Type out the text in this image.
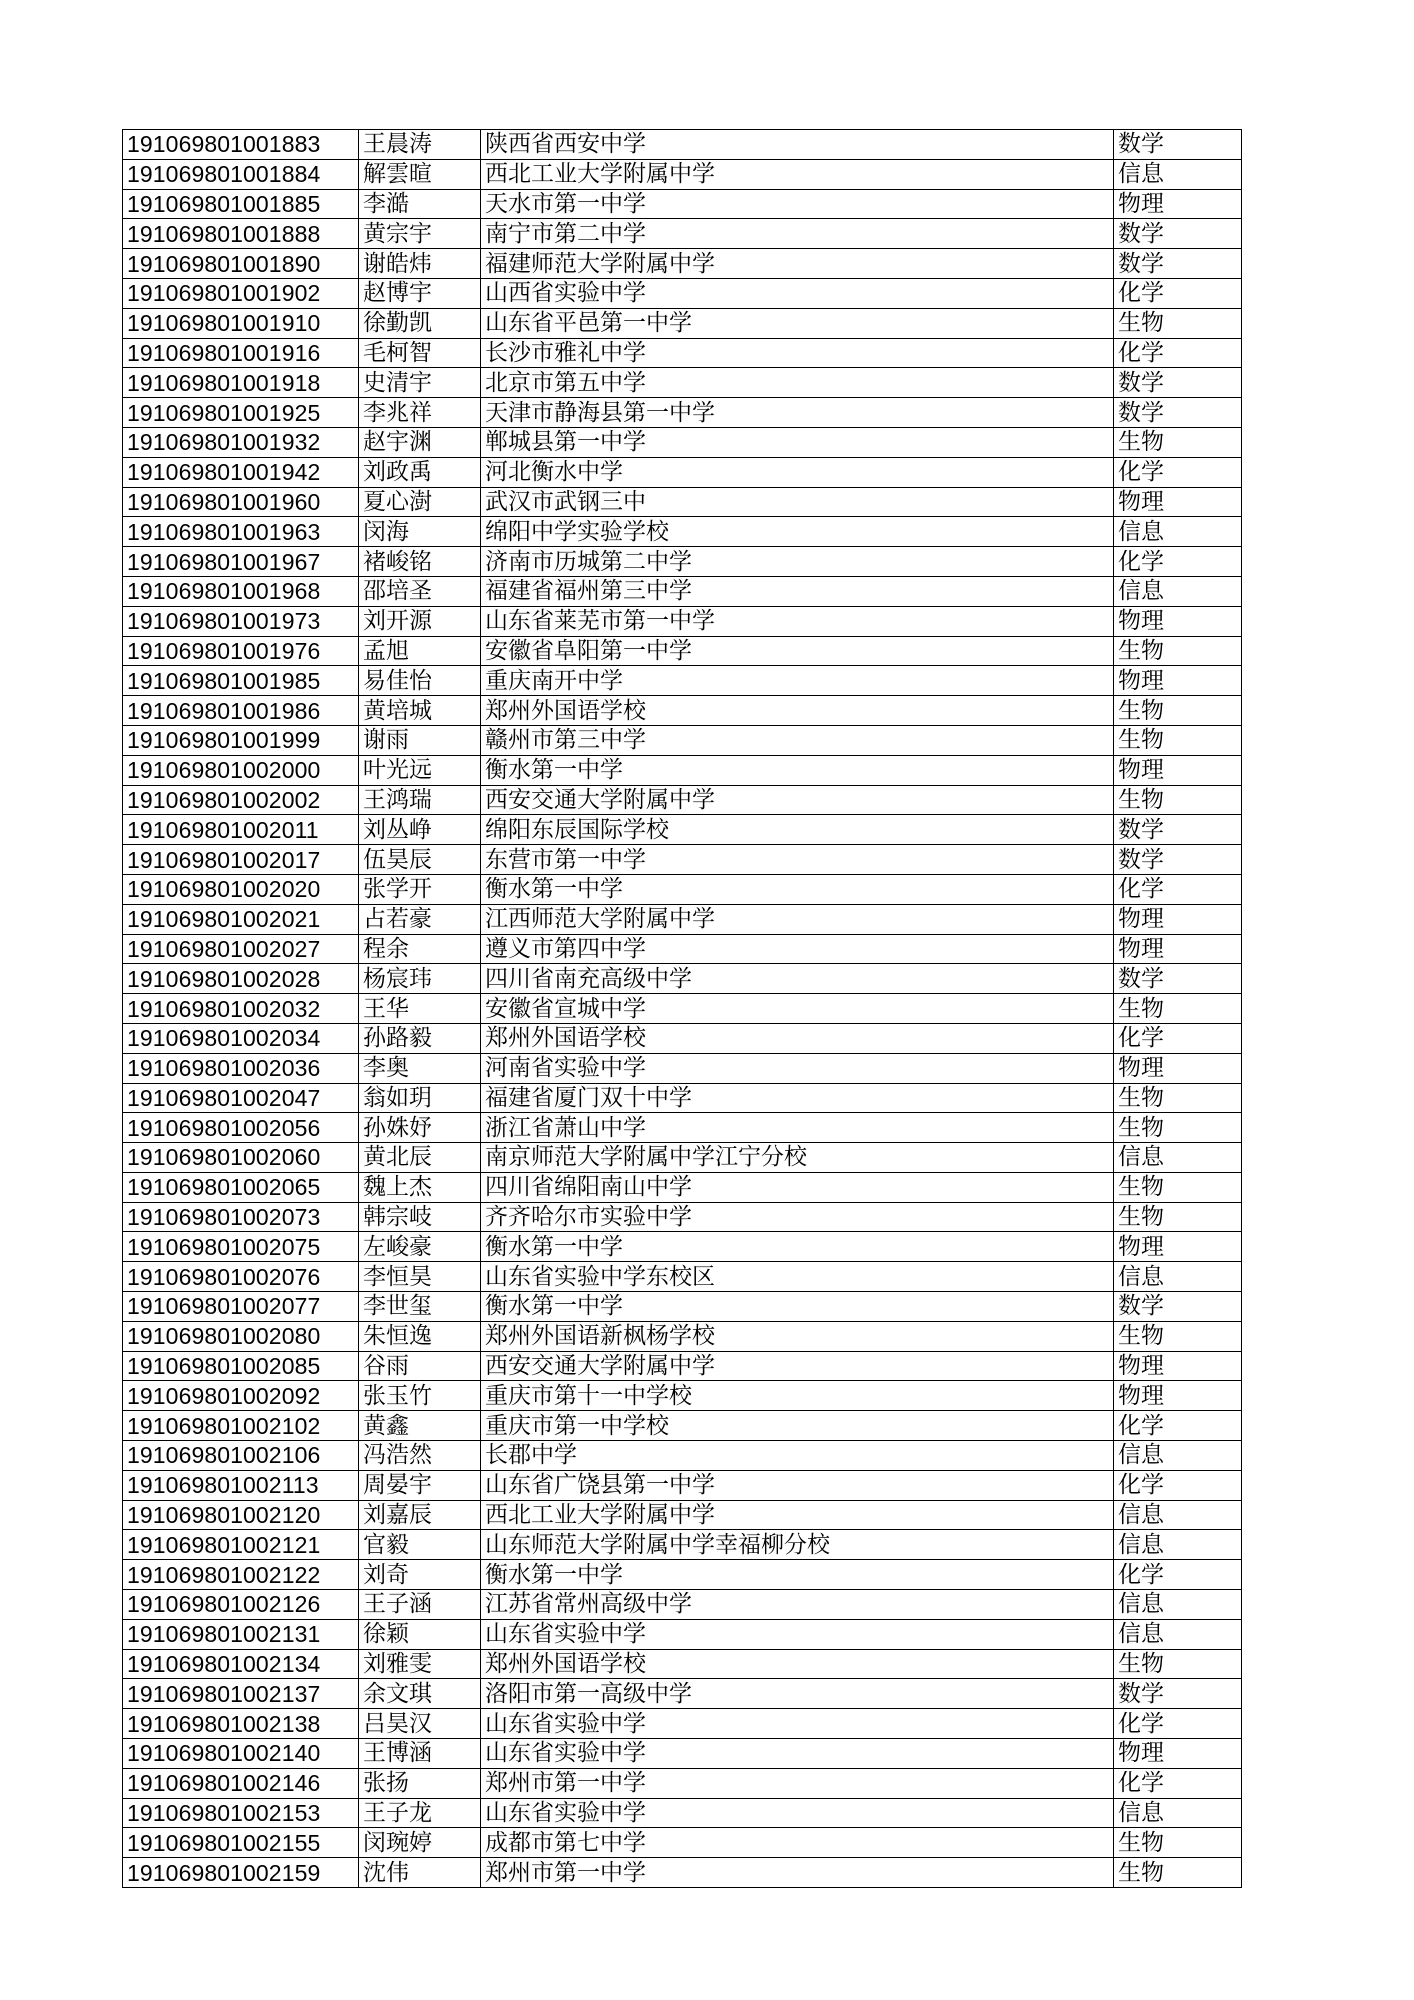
191069801001883	王晨涛	陕西省西安中学	数学
191069801001884	解雲暄	西北工业大学附属中学	信息
191069801001885	李澔	天水市第一中学	物理
191069801001888	黄宗宇	南宁市第二中学	数学
191069801001890	谢皓炜	福建师范大学附属中学	数学
191069801001902	赵博宇	山西省实验中学	化学
191069801001910	徐勤凯	山东省平邑第一中学	生物
191069801001916	毛柯智	长沙市雅礼中学	化学
191069801001918	史清宇	北京市第五中学	数学
191069801001925	李兆祥	天津市静海县第一中学	数学
191069801001932	赵宇渊	郸城县第一中学	生物
191069801001942	刘政禹	河北衡水中学	化学
191069801001960	夏心澍	武汉市武钢三中	物理
191069801001963	闵海	绵阳中学实验学校	信息
191069801001967	褚峻铭	济南市历城第二中学	化学
191069801001968	邵培圣	福建省福州第三中学	信息
191069801001973	刘开源	山东省莱芜市第一中学	物理
191069801001976	孟旭	安徽省阜阳第一中学	生物
191069801001985	易佳怡	重庆南开中学	物理
191069801001986	黄培城	郑州外国语学校	生物
191069801001999	谢雨	赣州市第三中学	生物
191069801002000	叶光远	衡水第一中学	物理
191069801002002	王鸿瑞	西安交通大学附属中学	生物
191069801002011	刘丛峥	绵阳东辰国际学校	数学
191069801002017	伍昊辰	东营市第一中学	数学
191069801002020	张学开	衡水第一中学	化学
191069801002021	占若豪	江西师范大学附属中学	物理
191069801002027	程余	遵义市第四中学	物理
191069801002028	杨宸玮	四川省南充高级中学	数学
191069801002032	王华	安徽省宣城中学	生物
191069801002034	孙路毅	郑州外国语学校	化学
191069801002036	李奥	河南省实验中学	物理
191069801002047	翁如玥	福建省厦门双十中学	生物
191069801002056	孙姝妤	浙江省萧山中学	生物
191069801002060	黄北辰	南京师范大学附属中学江宁分校	信息
191069801002065	魏上杰	四川省绵阳南山中学	生物
191069801002073	韩宗岐	齐齐哈尔市实验中学	生物
191069801002075	左峻豪	衡水第一中学	物理
191069801002076	李恒昊	山东省实验中学东校区	信息
191069801002077	李世玺	衡水第一中学	数学
191069801002080	朱恒逸	郑州外国语新枫杨学校	生物
191069801002085	谷雨	西安交通大学附属中学	物理
191069801002092	张玉竹	重庆市第十一中学校	物理
191069801002102	黄鑫	重庆市第一中学校	化学
191069801002106	冯浩然	长郡中学	信息
191069801002113	周晏宇	山东省广饶县第一中学	化学
191069801002120	刘嘉辰	西北工业大学附属中学	信息
191069801002121	官毅	山东师范大学附属中学幸福柳分校	信息
191069801002122	刘奇	衡水第一中学	化学
191069801002126	王子涵	江苏省常州高级中学	信息
191069801002131	徐颖	山东省实验中学	信息
191069801002134	刘雅雯	郑州外国语学校	生物
191069801002137	余文琪	洛阳市第一高级中学	数学
191069801002138	吕昊汉	山东省实验中学	化学
191069801002140	王博涵	山东省实验中学	物理
191069801002146	张扬	郑州市第一中学	化学
191069801002153	王子龙	山东省实验中学	信息
191069801002155	闵琬婷	成都市第七中学	生物
191069801002159	沈伟	郑州市第一中学	生物
